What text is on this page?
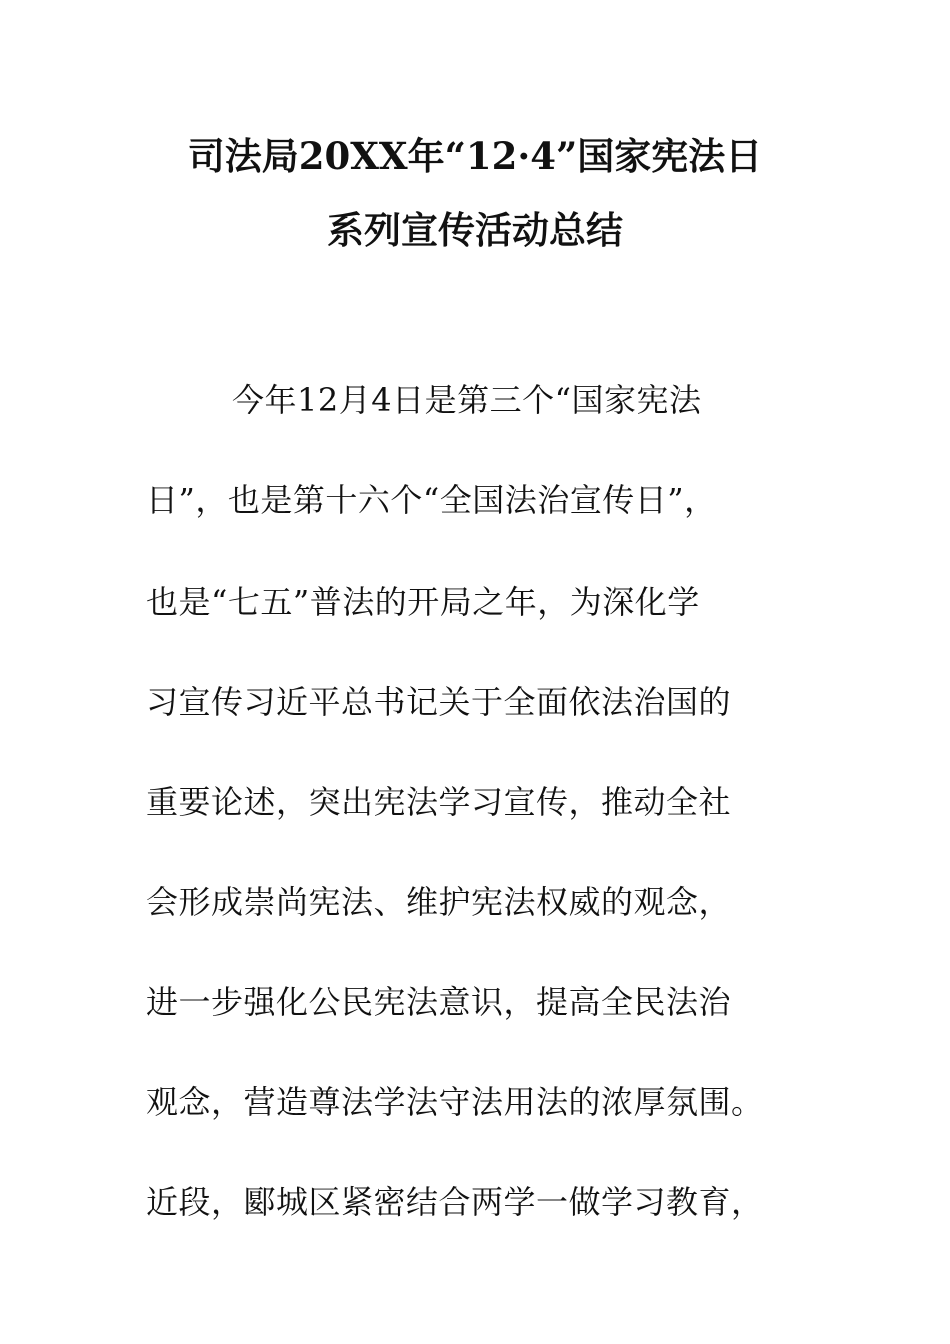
司法局20XX年“12·4”国家宪法日
系列宣传活动总结
今年12月4日是第三个“国家宪法
日”，也是第十六个“全国法治宣传日”，
也是“七五”普法的开局之年，为深化学
习宣传习近平总书记关于全面依法治国的
重要论述，突出宪法学习宣传，推动全社
会形成崇尚宪法、维护宪法权威的观念，
进一步强化公民宪法意识，提高全民法治
观念，营造尊法学法守法用法的浓厚氛围。
近段，郾城区紧密结合两学一做学习教育，
